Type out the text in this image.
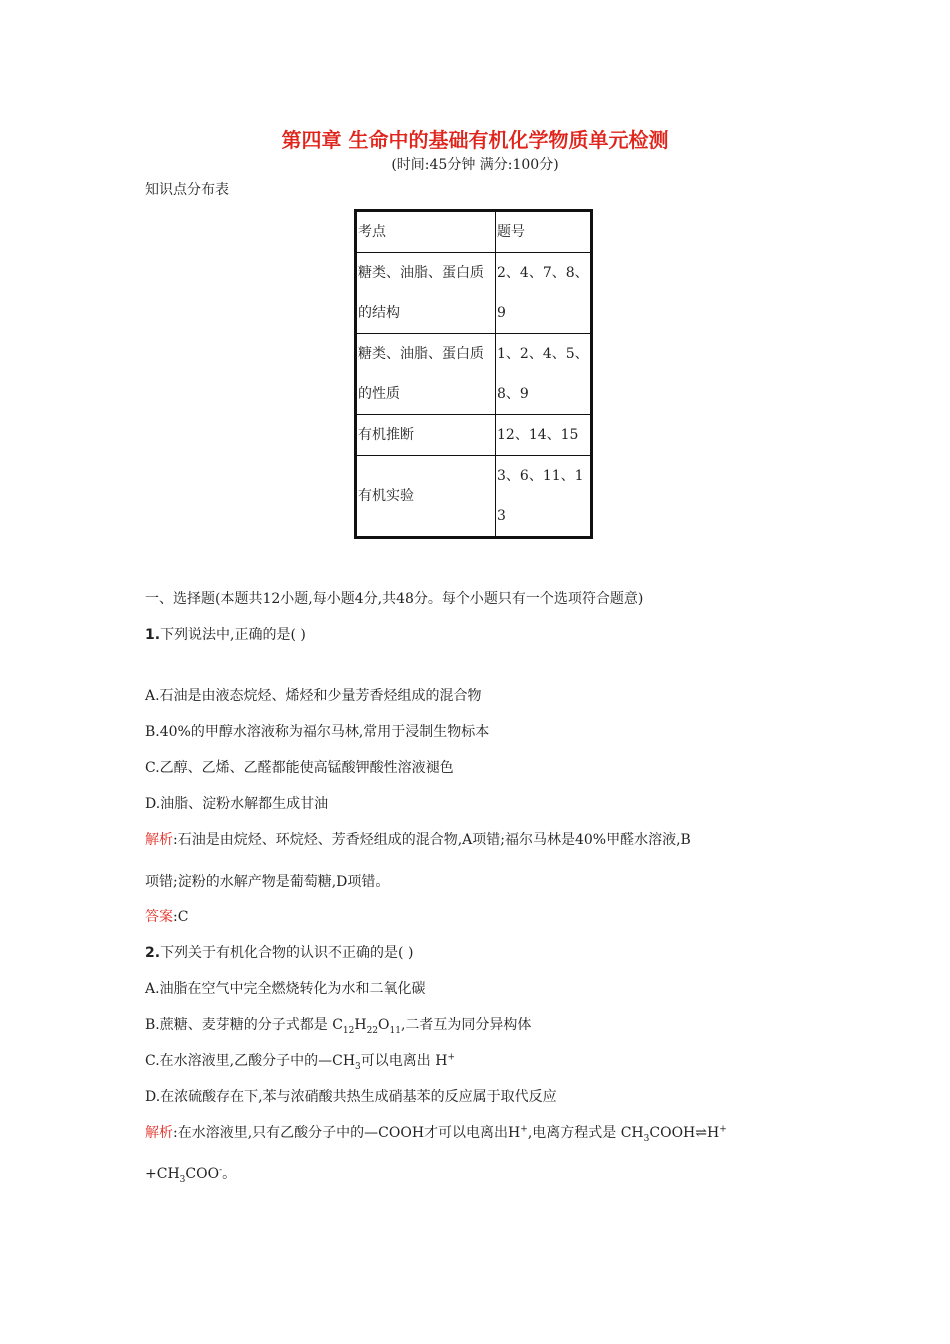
第四章 生命中的基础有机化学物质单元检测
(时间:45分钟 满分:100分)
知识点分布表
考点	题号

糖类、油脂、蛋白质的结构	2、4、7、8、9

糖类、油脂、蛋白质的性质	1、2、4、5、8、9

有机推断	12、14、15

有机实验	3、6、11、13
一、选择题(本题共12小题,每小题4分,共48分。每个小题只有一个选项符合题意)
1.下列说法中,正确的是( )
A.石油是由液态烷烃、烯烃和少量芳香烃组成的混合物
B.40%的甲醇水溶液称为福尔马林,常用于浸制生物标本
C.乙醇、乙烯、乙醛都能使高锰酸钾酸性溶液褪色
D.油脂、淀粉水解都生成甘油
解析:石油是由烷烃、环烷烃、芳香烃组成的混合物,A项错;福尔马林是40%甲醛水溶液,B
项错;淀粉的水解产物是葡萄糖,D项错。
答案:C
2.下列关于有机化合物的认识不正确的是( )
A.油脂在空气中完全燃烧转化为水和二氧化碳
B.蔗糖、麦芽糖的分子式都是 $C_{12}H_{22}O_{11}$,二者互为同分异构体
C.在水溶液里,乙酸分子中的$—CH_3$可以电离出 H+
D.在浓硫酸存在下,苯与浓硝酸共热生成硝基苯的反应属于取代反应
解析:在水溶液里,只有乙酸分子中的—COOH才可以电离出H+,电离方程式是 $CH_3COOH\rightleftharpoons H^+$
$+CH_3COO^-$。
